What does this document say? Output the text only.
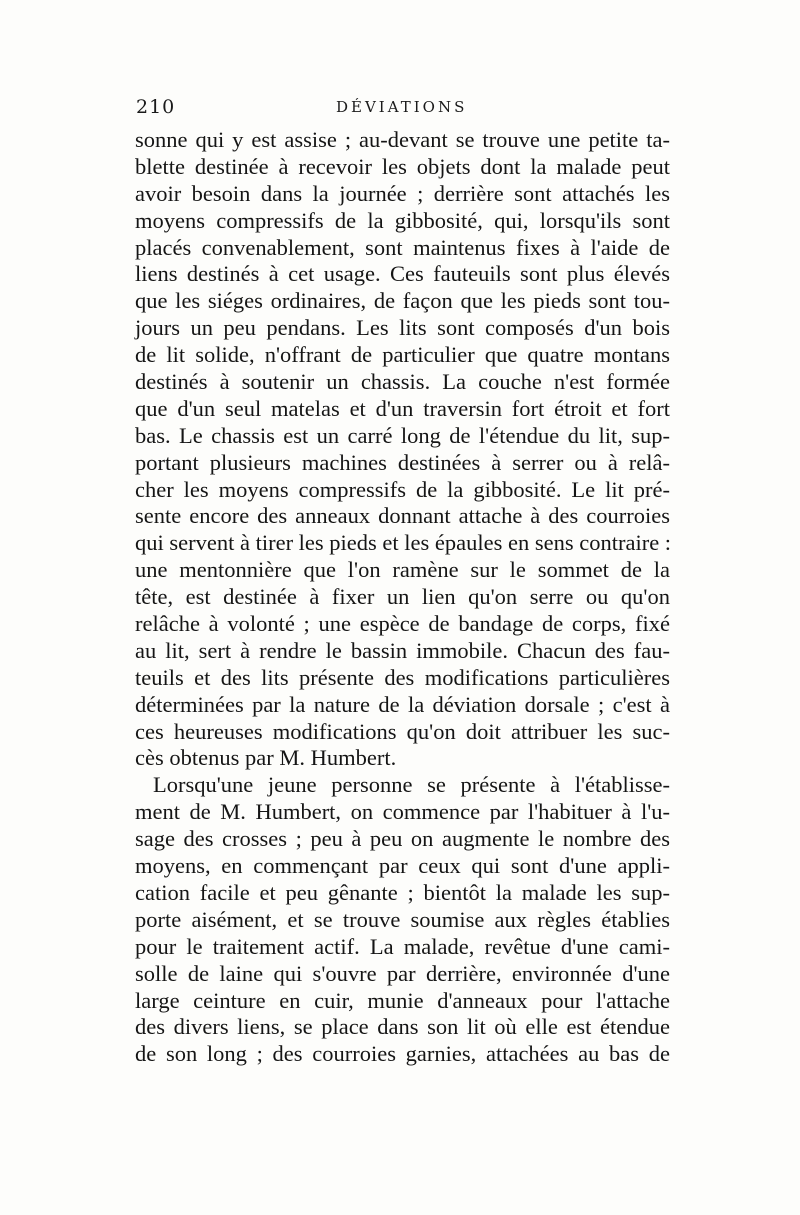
210	DÉVIATIONS
sonne qui y est assise ; au-devant se trouve une petite ta-
blette destinée à recevoir les objets dont la malade peut
avoir besoin dans la journée ; derrière sont attachés les
moyens compressifs de la gibbosité, qui, lorsqu'ils sont
placés convenablement, sont maintenus fixes à l'aide de
liens destinés à cet usage. Ces fauteuils sont plus élevés
que les siéges ordinaires, de façon que les pieds sont tou-
jours un peu pendans. Les lits sont composés d'un bois
de lit solide, n'offrant de particulier que quatre montans
destinés à soutenir un chassis. La couche n'est formée
que d'un seul matelas et d'un traversin fort étroit et fort
bas. Le chassis est un carré long de l'étendue du lit, sup-
portant plusieurs machines destinées à serrer ou à relâ-
cher les moyens compressifs de la gibbosité. Le lit pré-
sente encore des anneaux donnant attache à des courroies
qui servent à tirer les pieds et les épaules en sens contraire :
une mentonnière que l'on ramène sur le sommet de la
tête, est destinée à fixer un lien qu'on serre ou qu'on
relâche à volonté ; une espèce de bandage de corps, fixé
au lit, sert à rendre le bassin immobile. Chacun des fau-
teuils et des lits présente des modifications particulières
déterminées par la nature de la déviation dorsale ; c'est à
ces heureuses modifications qu'on doit attribuer les suc-
cès obtenus par M. Humbert.
Lorsqu'une jeune personne se présente à l'établisse-
ment de M. Humbert, on commence par l'habituer à l'u-
sage des crosses ; peu à peu on augmente le nombre des
moyens, en commençant par ceux qui sont d'une appli-
cation facile et peu gênante ; bientôt la malade les sup-
porte aisément, et se trouve soumise aux règles établies
pour le traitement actif. La malade, revêtue d'une cami-
solle de laine qui s'ouvre par derrière, environnée d'une
large ceinture en cuir, munie d'anneaux pour l'attache
des divers liens, se place dans son lit où elle est étendue
de son long ; des courroies garnies, attachées au bas de
